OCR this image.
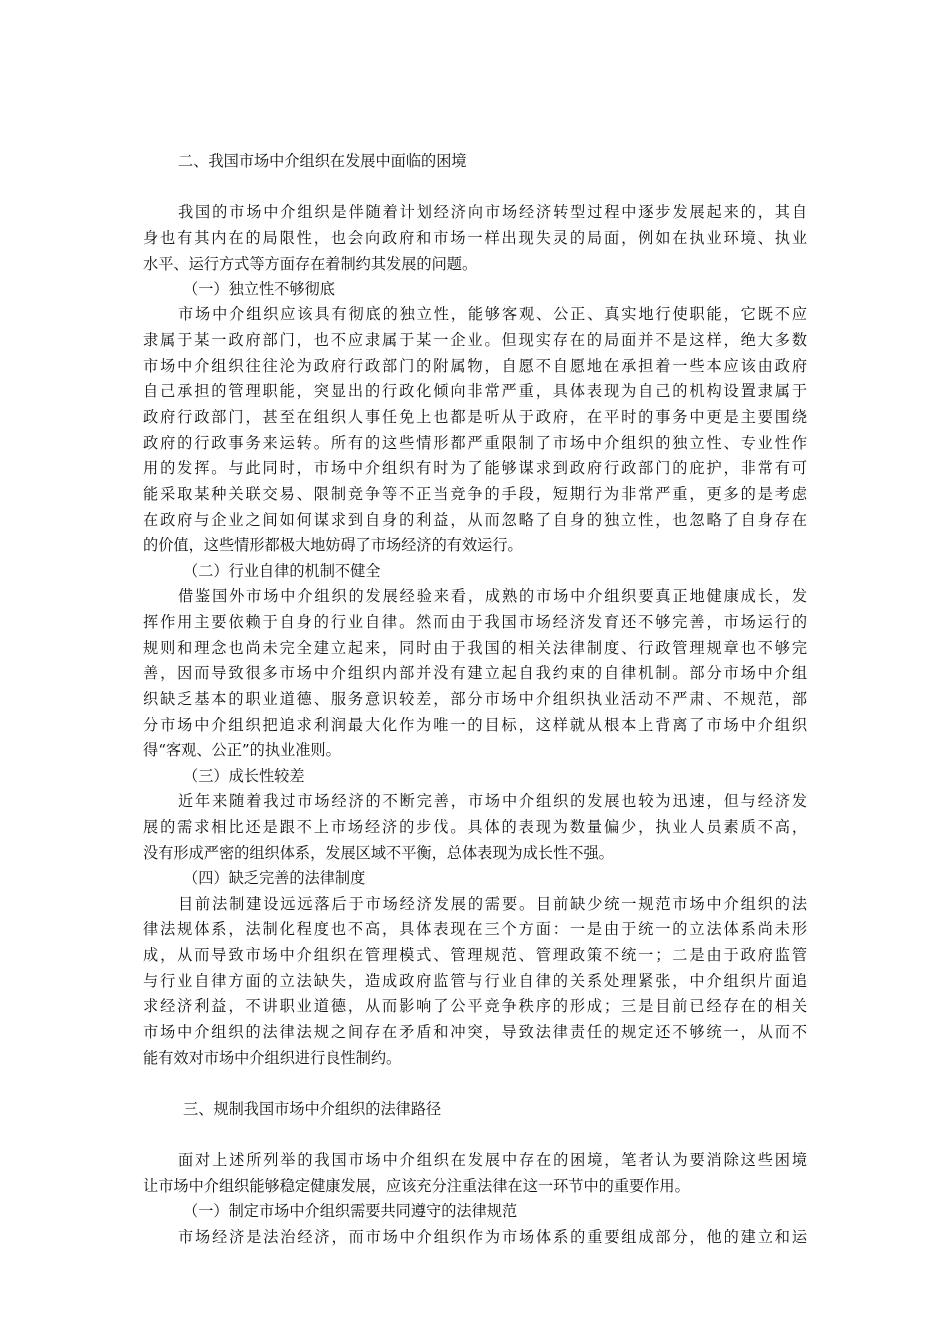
二、我国市场中介组织在发展中面临的困境
我国的市场中介组织是伴随着计划经济向市场经济转型过程中逐步发展起来的，其自
身也有其内在的局限性，也会向政府和市场一样出现失灵的局面，例如在执业环境、执业
水平、运行方式等方面存在着制约其发展的问题。
（一）独立性不够彻底
市场中介组织应该具有彻底的独立性，能够客观、公正、真实地行使职能，它既不应
隶属于某一政府部门，也不应隶属于某一企业。但现实存在的局面并不是这样，绝大多数
市场中介组织往往沦为政府行政部门的附属物，自愿不自愿地在承担着一些本应该由政府
自己承担的管理职能，突显出的行政化倾向非常严重，具体表现为自己的机构设置隶属于
政府行政部门，甚至在组织人事任免上也都是听从于政府，在平时的事务中更是主要围绕
政府的行政事务来运转。所有的这些情形都严重限制了市场中介组织的独立性、专业性作
用的发挥。与此同时，市场中介组织有时为了能够谋求到政府行政部门的庇护，非常有可
能采取某种关联交易、限制竞争等不正当竞争的手段，短期行为非常严重，更多的是考虑
在政府与企业之间如何谋求到自身的利益，从而忽略了自身的独立性，也忽略了自身存在
的价值，这些情形都极大地妨碍了市场经济的有效运行。
（二）行业自律的机制不健全
借鉴国外市场中介组织的发展经验来看，成熟的市场中介组织要真正地健康成长，发
挥作用主要依赖于自身的行业自律。然而由于我国市场经济发育还不够完善，市场运行的
规则和理念也尚未完全建立起来，同时由于我国的相关法律制度、行政管理规章也不够完
善，因而导致很多市场中介组织内部并没有建立起自我约束的自律机制。部分市场中介组
织缺乏基本的职业道德、服务意识较差，部分市场中介组织执业活动不严肃、不规范，部
分市场中介组织把追求利润最大化作为唯一的目标，这样就从根本上背离了市场中介组织
得“客观、公正”的执业准则。
（三）成长性较差
近年来随着我过市场经济的不断完善，市场中介组织的发展也较为迅速，但与经济发
展的需求相比还是跟不上市场经济的步伐。具体的表现为数量偏少，执业人员素质不高，
没有形成严密的组织体系，发展区域不平衡，总体表现为成长性不强。
（四）缺乏完善的法律制度
目前法制建设远远落后于市场经济发展的需要。目前缺少统一规范市场中介组织的法
律法规体系，法制化程度也不高，具体表现在三个方面：一是由于统一的立法体系尚未形
成，从而导致市场中介组织在管理模式、管理规范、管理政策不统一；二是由于政府监管
与行业自律方面的立法缺失，造成政府监管与行业自律的关系处理紧张，中介组织片面追
求经济利益，不讲职业道德，从而影响了公平竞争秩序的形成；三是目前已经存在的相关
市场中介组织的法律法规之间存在矛盾和冲突，导致法律责任的规定还不够统一，从而不
能有效对市场中介组织进行良性制约。
三、规制我国市场中介组织的法律路径
面对上述所列举的我国市场中介组织在发展中存在的困境，笔者认为要消除这些困境
让市场中介组织能够稳定健康发展，应该充分注重法律在这一环节中的重要作用。
（一）制定市场中介组织需要共同遵守的法律规范
市场经济是法治经济，而市场中介组织作为市场体系的重要组成部分，他的建立和运
